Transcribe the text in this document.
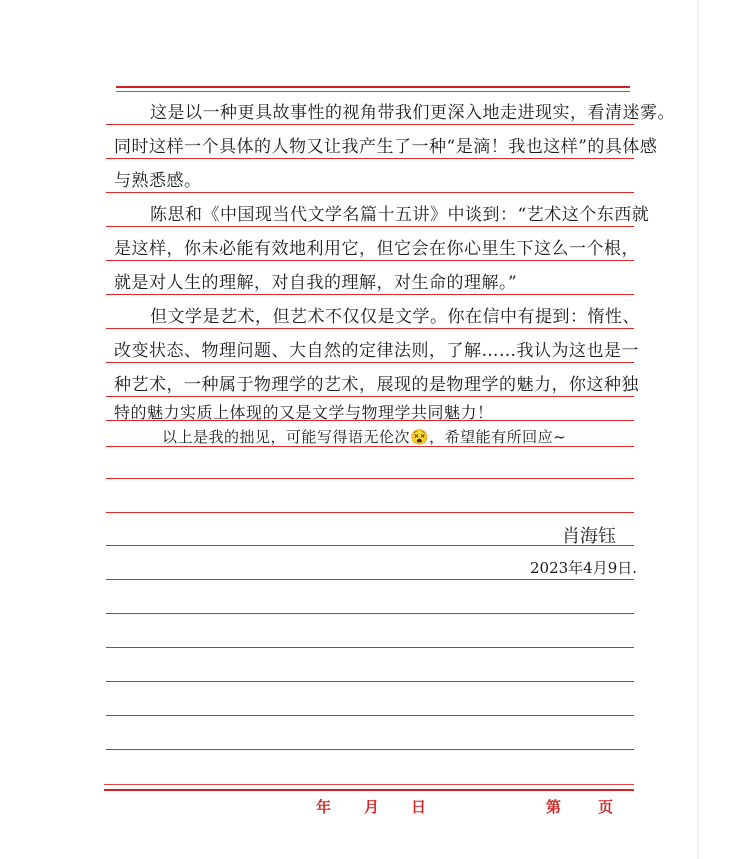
这是以一种更具故事性的视角带我们更深入地走进现实，看清迷雾。
同时这样一个具体的人物又让我产生了一种“是滴！我也这样”的具体感
与熟悉感。
陈思和《中国现当代文学名篇十五讲》中谈到：“艺术这个东西就
是这样，你未必能有效地利用它，但它会在你心里生下这么一个根，
就是对人生的理解，对自我的理解，对生命的理解。”
但文学是艺术，但艺术不仅仅是文学。你在信中有提到：惰性、
改变状态、物理问题、大自然的定律法则，了解……我认为这也是一
种艺术，一种属于物理学的艺术，展现的是物理学的魅力，你这种独
特的魅力实质上体现的又是文学与物理学共同魅力！
以上是我的拙见，可能写得语无伦次😵，希望能有所回应~
肖海钰
2023年4月9日.
年 月 日	第 页
